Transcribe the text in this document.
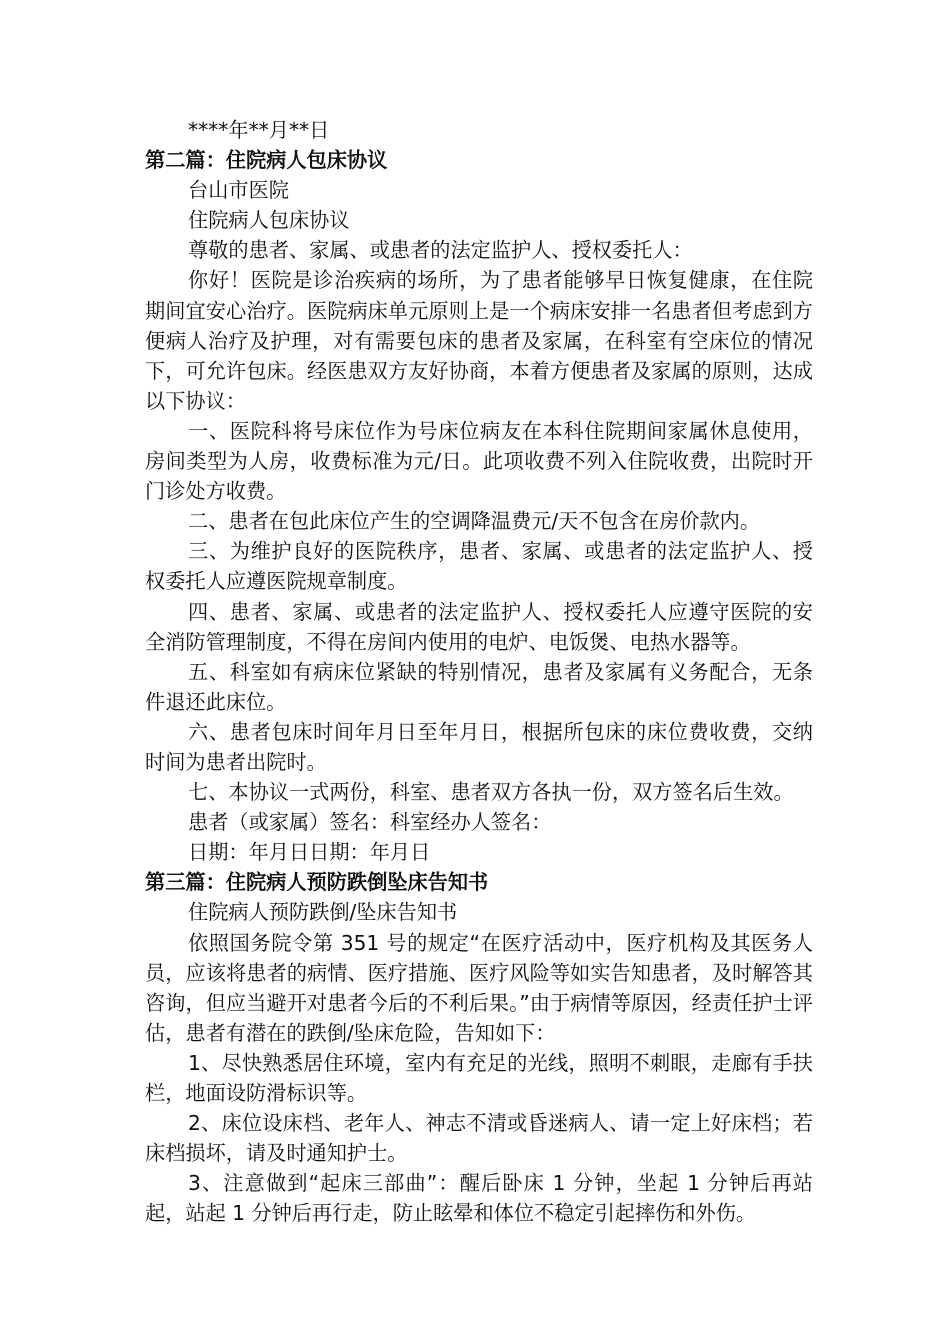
****年**月**日
第二篇：住院病人包床协议
台山市医院
住院病人包床协议
尊敬的患者、家属、或患者的法定监护人、授权委托人：

你好！医院是诊治疾病的场所，为了患者能够早日恢复健康，在住院期间宜安心治疗。医院病床单元原则上是一个病床安排一名患者但考虑到方便病人治疗及护理，对有需要包床的患者及家属，在科室有空床位的情况下，可允许包床。经医患双方友好协商，本着方便患者及家属的原则，达成以下协议：

一、医院科将号床位作为号床位病友在本科住院期间家属休息使用，房间类型为人房，收费标准为元/日。此项收费不列入住院收费，出院时开门诊处方收费。

二、患者在包此床位产生的空调降温费元/天不包含在房价款内。

三、为维护良好的医院秩序，患者、家属、或患者的法定监护人、授权委托人应遵医院规章制度。

四、患者、家属、或患者的法定监护人、授权委托人应遵守医院的安全消防管理制度，不得在房间内使用的电炉、电饭煲、电热水器等。

五、科室如有病床位紧缺的特别情况，患者及家属有义务配合，无条件退还此床位。

六、患者包床时间年月日至年月日，根据所包床的床位费收费，交纳时间为患者出院时。

七、本协议一式两份，科室、患者双方各执一份，双方签名后生效。

患者（或家属）签名：科室经办人签名：
日期：年月日日期：年月日
第三篇：住院病人预防跌倒坠床告知书
住院病人预防跌倒/坠床告知书

依照国务院令第 351 号的规定“在医疗活动中，医疗机构及其医务人员，应该将患者的病情、医疗措施、医疗风险等如实告知患者，及时解答其咨询，但应当避开对患者今后的不利后果。”由于病情等原因，经责任护士评估，患者有潜在的跌倒/坠床危险，告知如下：

1、尽快熟悉居住环境，室内有充足的光线，照明不刺眼，走廊有手扶栏，地面设防滑标识等。

2、床位设床档、老年人、神志不清或昏迷病人、请一定上好床档；若床档损坏，请及时通知护士。

3、注意做到“起床三部曲”：醒后卧床 1 分钟，坐起 1 分钟后再站起，站起 1 分钟后再行走，防止眩晕和体位不稳定引起摔伤和外伤。
